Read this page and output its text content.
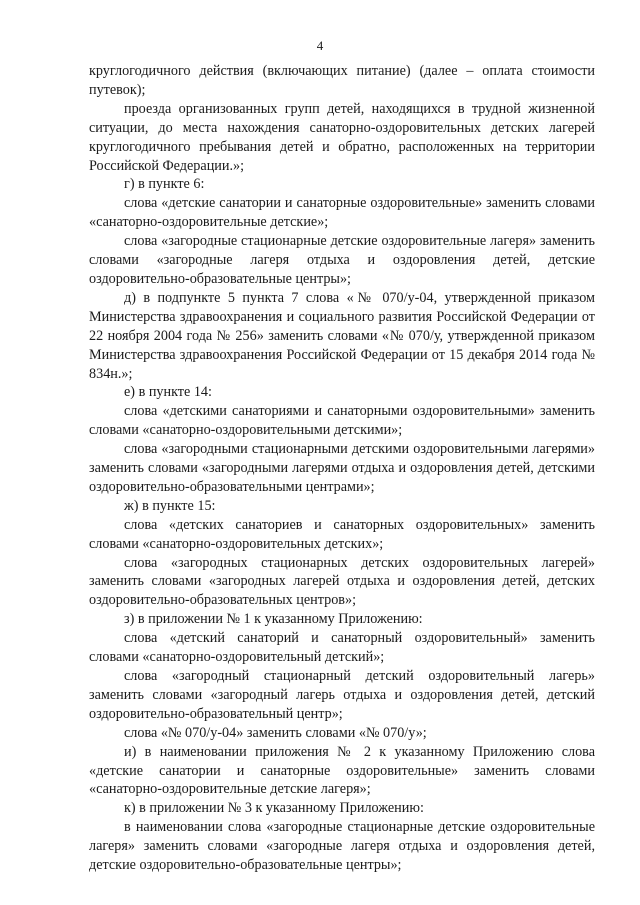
4

круглогодичного действия (включающих питание) (далее – оплата стоимости путевок);

проезда организованных групп детей, находящихся в трудной жизненной ситуации, до места нахождения санаторно-оздоровительных детских лагерей круглогодичного пребывания детей и обратно, расположенных на территории Российской Федерации.»;

г) в пункте 6:

слова «детские санатории и санаторные оздоровительные» заменить словами «санаторно-оздоровительные детские»;

слова «загородные стационарные детские оздоровительные лагеря» заменить словами «загородные лагеря отдыха и оздоровления детей, детские оздоровительно-образовательные центры»;

д) в подпункте 5 пункта 7 слова «№ 070/у-04, утвержденной приказом Министерства здравоохранения и социального развития Российской Федерации от 22 ноября 2004 года № 256» заменить словами «№ 070/у, утвержденной приказом Министерства здравоохранения Российской Федерации от 15 декабря 2014 года № 834н.»;

е) в пункте 14:

слова «детскими санаториями и санаторными оздоровительными» заменить словами «санаторно-оздоровительными детскими»;

слова «загородными стационарными детскими оздоровительными лагерями» заменить словами «загородными лагерями отдыха и оздоровления детей, детскими оздоровительно-образовательными центрами»;

ж) в пункте 15:

слова «детских санаториев и санаторных оздоровительных» заменить словами «санаторно-оздоровительных детских»;

слова «загородных стационарных детских оздоровительных лагерей» заменить словами «загородных лагерей отдыха и оздоровления детей, детских оздоровительно-образовательных центров»;

з) в приложении № 1 к указанному Приложению:

слова «детский санаторий и санаторный оздоровительный» заменить словами «санаторно-оздоровительный детский»;

слова «загородный стационарный детский оздоровительный лагерь» заменить словами «загородный лагерь отдыха и оздоровления детей, детский оздоровительно-образовательный центр»;

слова «№ 070/у-04» заменить словами «№ 070/у»;

и) в наименовании приложения № 2 к указанному Приложению слова «детские санатории и санаторные оздоровительные» заменить словами «санаторно-оздоровительные детские лагеря»;

к) в приложении № 3 к указанному Приложению:

в наименовании слова «загородные стационарные детские оздоровительные лагеря» заменить словами «загородные лагеря отдыха и оздоровления детей, детские оздоровительно-образовательные центры»;
